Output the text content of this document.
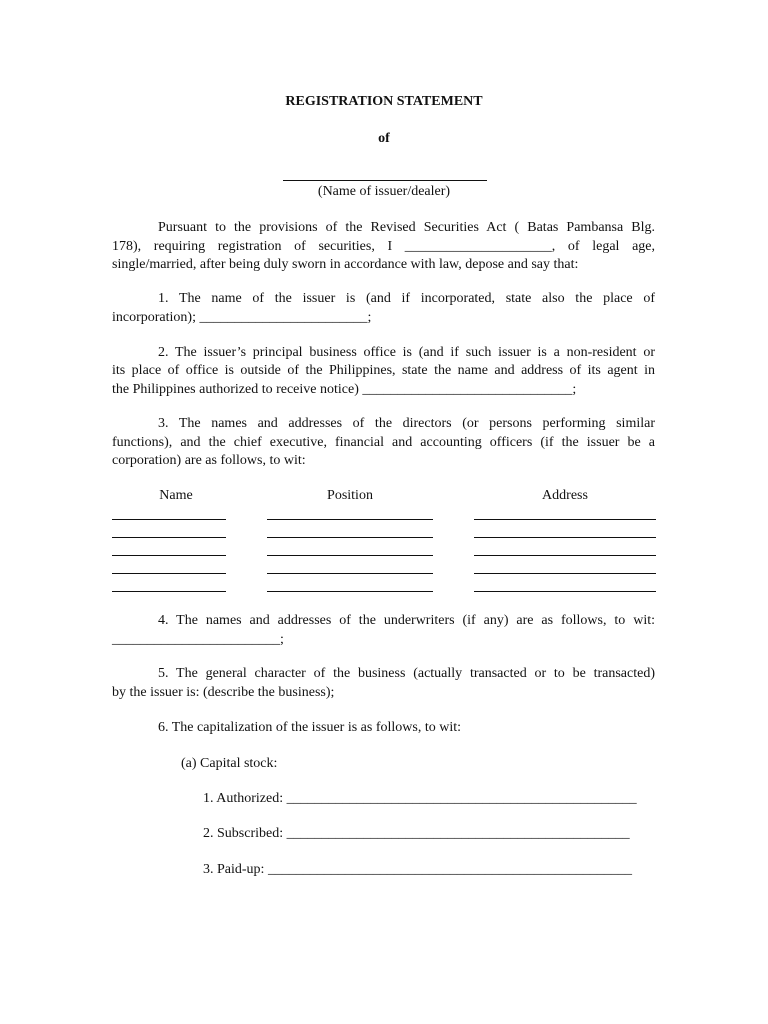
REGISTRATION STATEMENT
of
(Name of issuer/dealer)
Pursuant to the provisions of the Revised Securities Act ( Batas Pambansa Blg.
178), requiring registration of securities, I _____________________, of legal age,
single/married, after being duly sworn in accordance with law, depose and say that:
1. The name of the issuer is (and if incorporated, state also the place of
incorporation); ________________________;
2. The issuer’s principal business office is (and if such issuer is a non-resident or
its place of office is outside of the Philippines, state the name and address of its agent in
the Philippines authorized to receive notice) ______________________________;
3. The names and addresses of the directors (or persons performing similar
functions), and the chief executive, financial and accounting officers (if the issuer be a
corporation) are as follows, to wit:
Name	Position	Address
4. The names and addresses of the underwriters (if any) are as follows, to wit:
________________________;
5. The general character of the business (actually transacted or to be transacted)
by the issuer is: (describe the business);
6. The capitalization of the issuer is as follows, to wit:
(a) Capital stock:
1. Authorized: __________________________________________________
2. Subscribed: _________________________________________________
3. Paid-up: ____________________________________________________
